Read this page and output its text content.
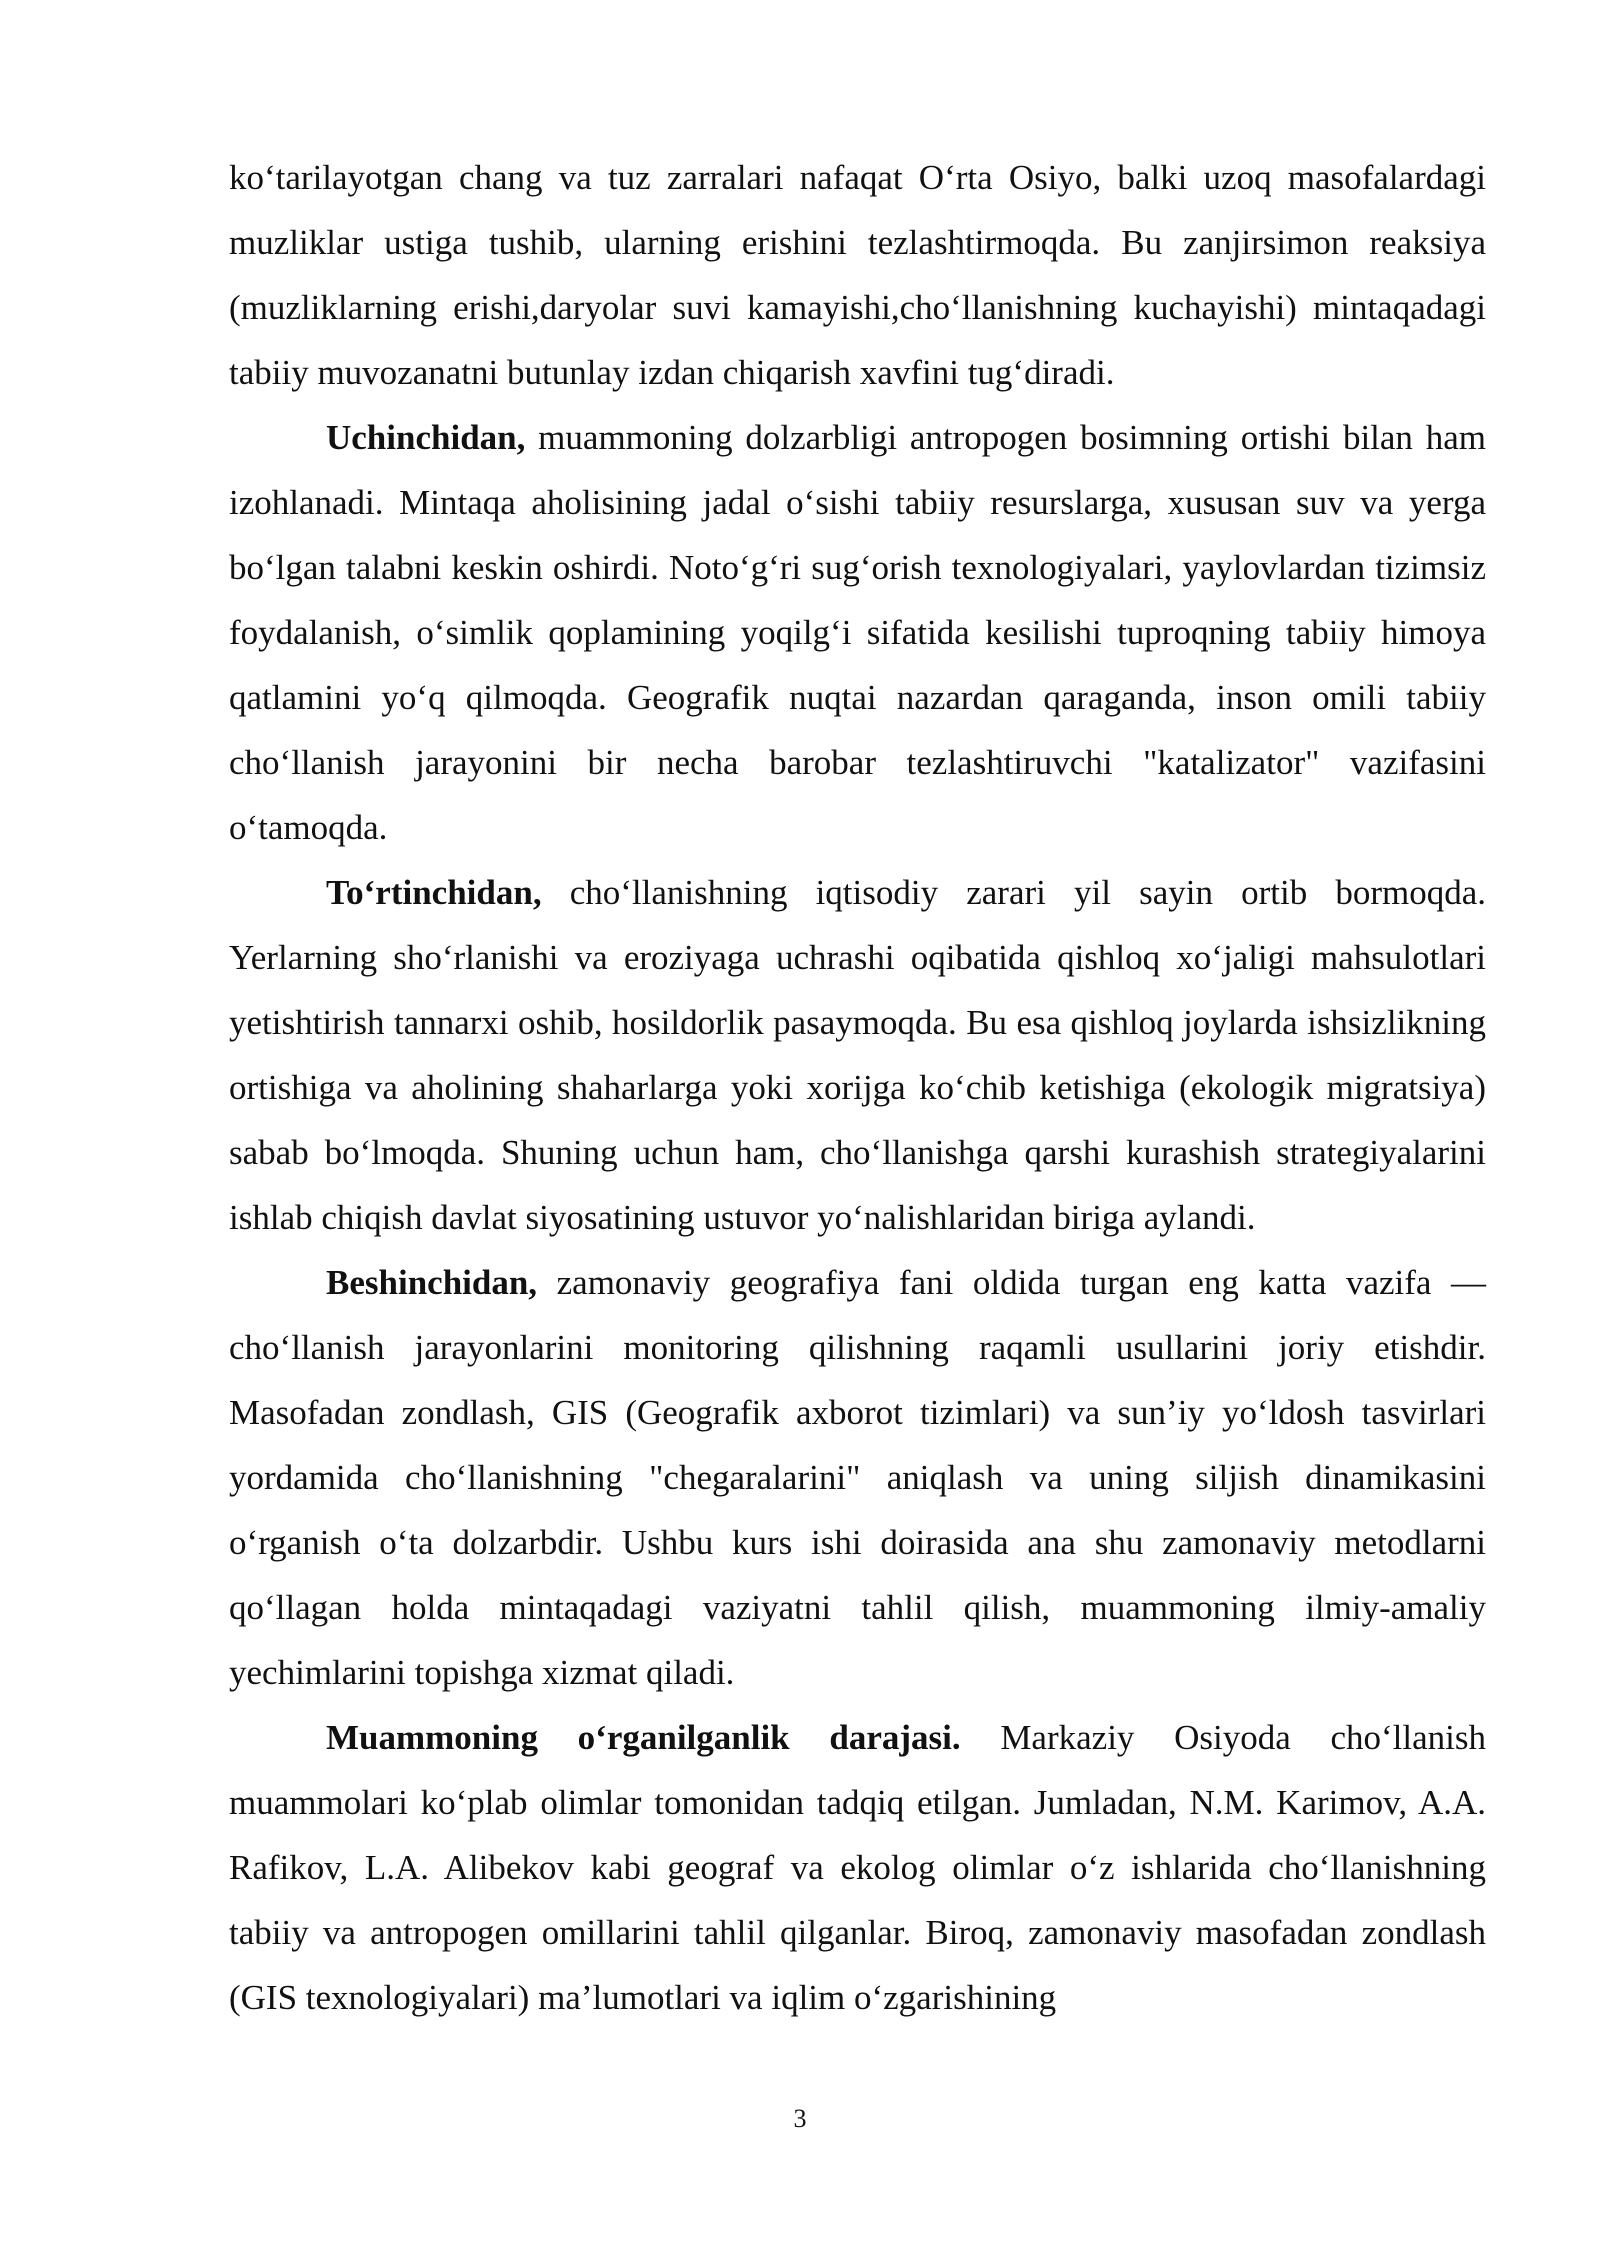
ko‘tarilayotgan chang va tuz zarralari nafaqat O‘rta Osiyo, balki uzoq masofalardagi muzliklar ustiga tushib, ularning erishini tezlashtirmoqda. Bu zanjirsimon reaksiya (muzliklarning erishi,daryolar suvi kamayishi,cho‘llanishning kuchayishi) mintaqadagi tabiiy muvozanatni butunlay izdan chiqarish xavfini tug‘diradi.

Uchinchidan, muammoning dolzarbligi antropogen bosimning ortishi bilan ham izohlanadi. Mintaqa aholisining jadal o‘sishi tabiiy resurslarga, xususan suv va yerga bo‘lgan talabni keskin oshirdi. Noto‘g‘ri sug‘orish texnologiyalari, yaylovlardan tizimsiz foydalanish, o‘simlik qoplamining yoqilg‘i sifatida kesilishi tuproqning tabiiy himoya qatlamini yo‘q qilmoqda. Geografik nuqtai nazardan qaraganda, inson omili tabiiy cho‘llanish jarayonini bir necha barobar tezlashtiruvchi "katalizator" vazifasini o‘tamoqda.

To‘rtinchidan, cho‘llanishning iqtisodiy zarari yil sayin ortib bormoqda. Yerlarning sho‘rlanishi va eroziyaga uchrashi oqibatida qishloq xo‘jaligi mahsulotlari yetishtirish tannarxi oshib, hosildorlik pasaymoqda. Bu esa qishloq joylarda ishsizlikning ortishiga va aholining shaharlarga yoki xorijga ko‘chib ketishiga (ekologik migratsiya) sabab bo‘lmoqda. Shuning uchun ham, cho‘llanishga qarshi kurashish strategiyalarini ishlab chiqish davlat siyosatining ustuvor yo‘nalishlaridan biriga aylandi.

Beshinchidan, zamonaviy geografiya fani oldida turgan eng katta vazifa — cho‘llanish jarayonlarini monitoring qilishning raqamli usullarini joriy etishdir. Masofadan zondlash, GIS (Geografik axborot tizimlari) va sun’iy yo‘ldosh tasvirlari yordamida cho‘llanishning "chegaralarini" aniqlash va uning siljish dinamikasini o‘rganish o‘ta dolzarbdir. Ushbu kurs ishi doirasida ana shu zamonaviy metodlarni qo‘llagan holda mintaqadagi vaziyatni tahlil qilish, muammoning ilmiy-amaliy yechimlarini topishga xizmat qiladi.

Muammoning o‘rganilganlik darajasi. Markaziy Osiyoda cho‘llanish muammolari ko‘plab olimlar tomonidan tadqiq etilgan. Jumladan, N.M. Karimov, A.A. Rafikov, L.A. Alibekov kabi geograf va ekolog olimlar o‘z ishlarida cho‘llanishning tabiiy va antropogen omillarini tahlil qilganlar. Biroq, zamonaviy masofadan zondlash (GIS texnologiyalari) ma’lumotlari va iqlim o‘zgarishining

3
